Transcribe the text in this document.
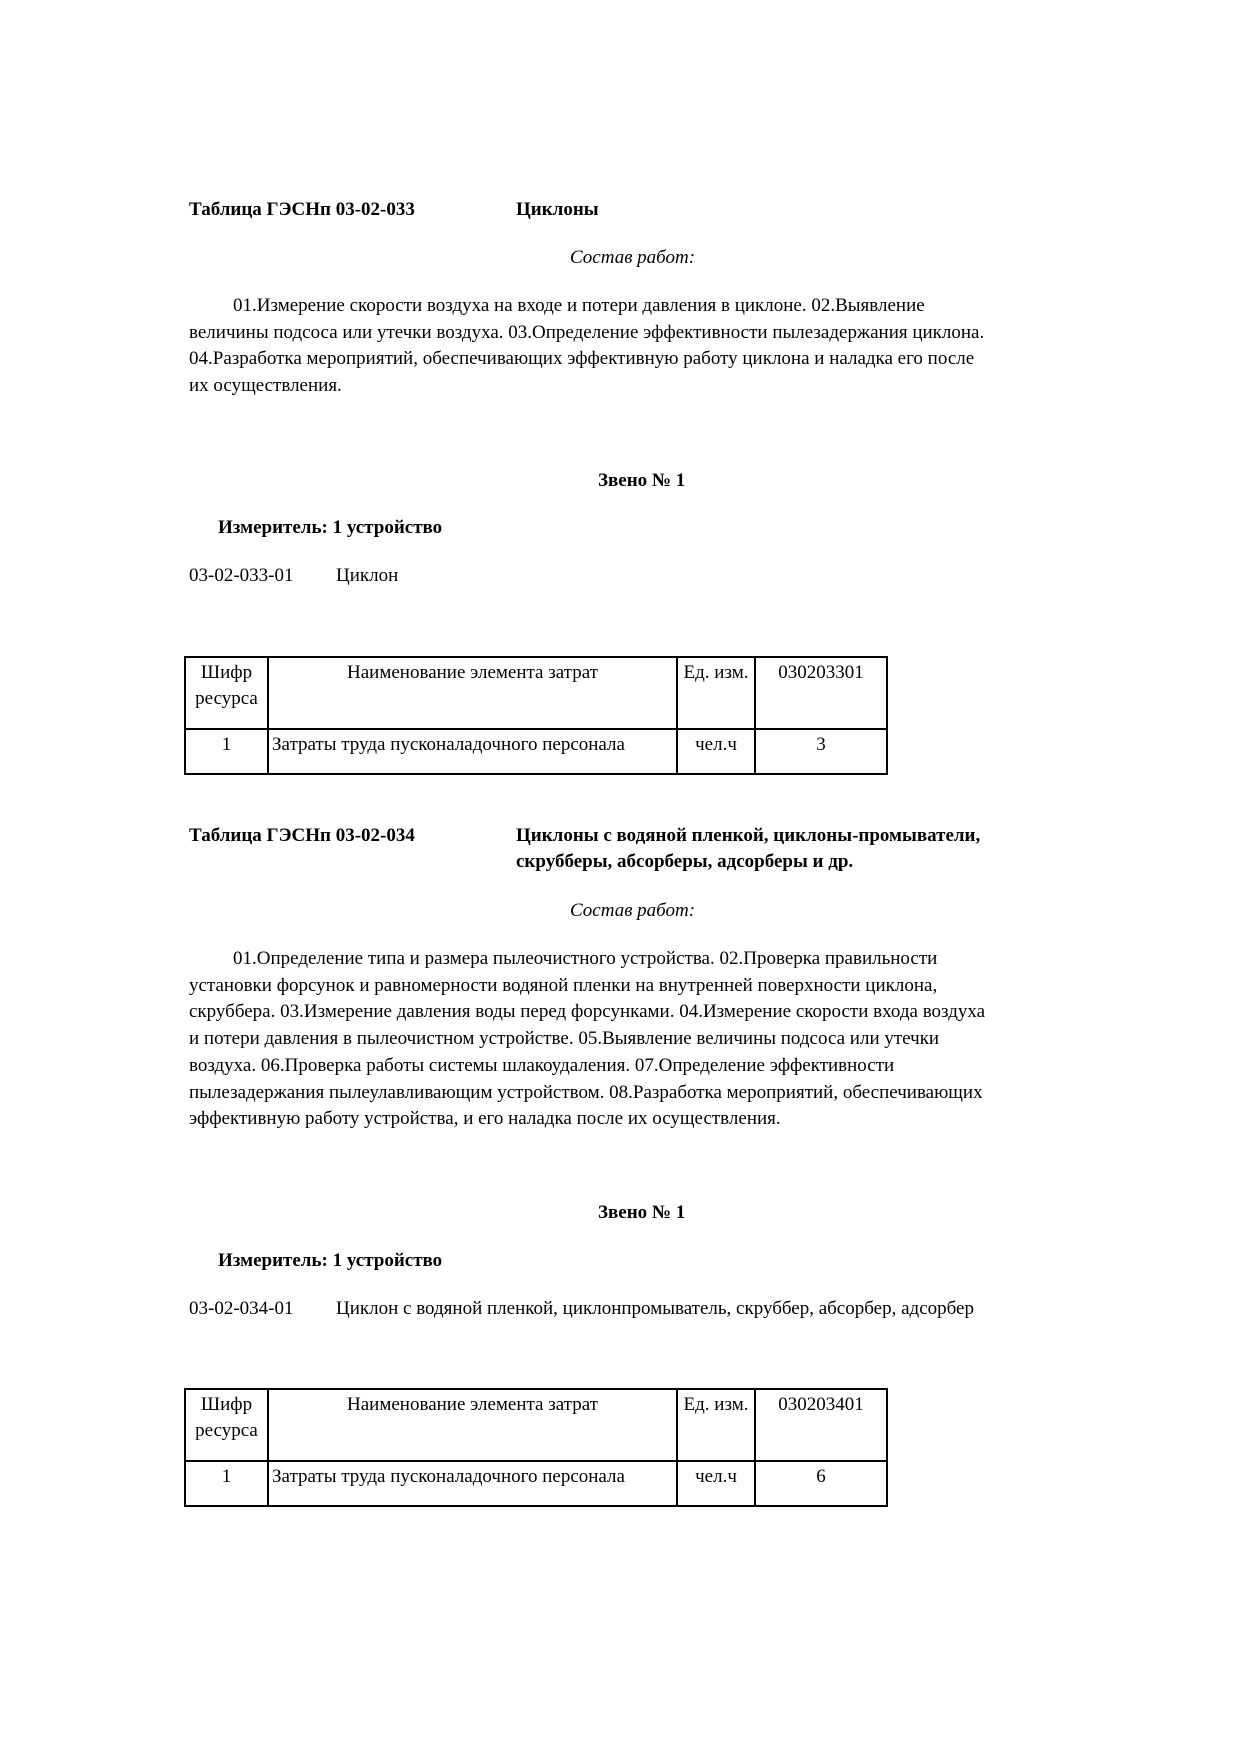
Таблица ГЭСНп 03-02-033	Циклоны
Состав работ:
01.Измерение скорости воздуха на входе и потери давления в циклоне. 02.Выявление
величины подсоса или утечки воздуха. 03.Определение эффективности пылезадержания циклона.
04.Разработка мероприятий, обеспечивающих эффективную работу циклона и наладка его после
их осуществления.
Звено № 1
Измеритель: 1 устройство
03-02-033-01 Циклон
Шифр ресурса	Наименование элемента затрат	Ед. изм.	030203301
1	Затраты труда пусконаладочного персонала	чел.ч	3
Таблица ГЭСНп 03-02-034	Циклоны с водяной пленкой, циклоны-промыватели,
скрубберы, абсорберы, адсорберы и др.
Состав работ:
01.Определение типа и размера пылеочистного устройства. 02.Проверка правильности
установки форсунок и равномерности водяной пленки на внутренней поверхности циклона,
скруббера. 03.Измерение давления воды перед форсунками. 04.Измерение скорости входа воздуха
и потери давления в пылеочистном устройстве. 05.Выявление величины подсоса или утечки
воздуха. 06.Проверка работы системы шлакоудаления. 07.Определение эффективности
пылезадержания пылеулавливающим устройством. 08.Разработка мероприятий, обеспечивающих
эффективную работу устройства, и его наладка после их осуществления.
Звено № 1
Измеритель: 1 устройство
03-02-034-01 Циклон с водяной пленкой, циклонпромыватель, скруббер, абсорбер, адсорбер
Шифр ресурса	Наименование элемента затрат	Ед. изм.	030203401
1	Затраты труда пусконаладочного персонала	чел.ч	6
